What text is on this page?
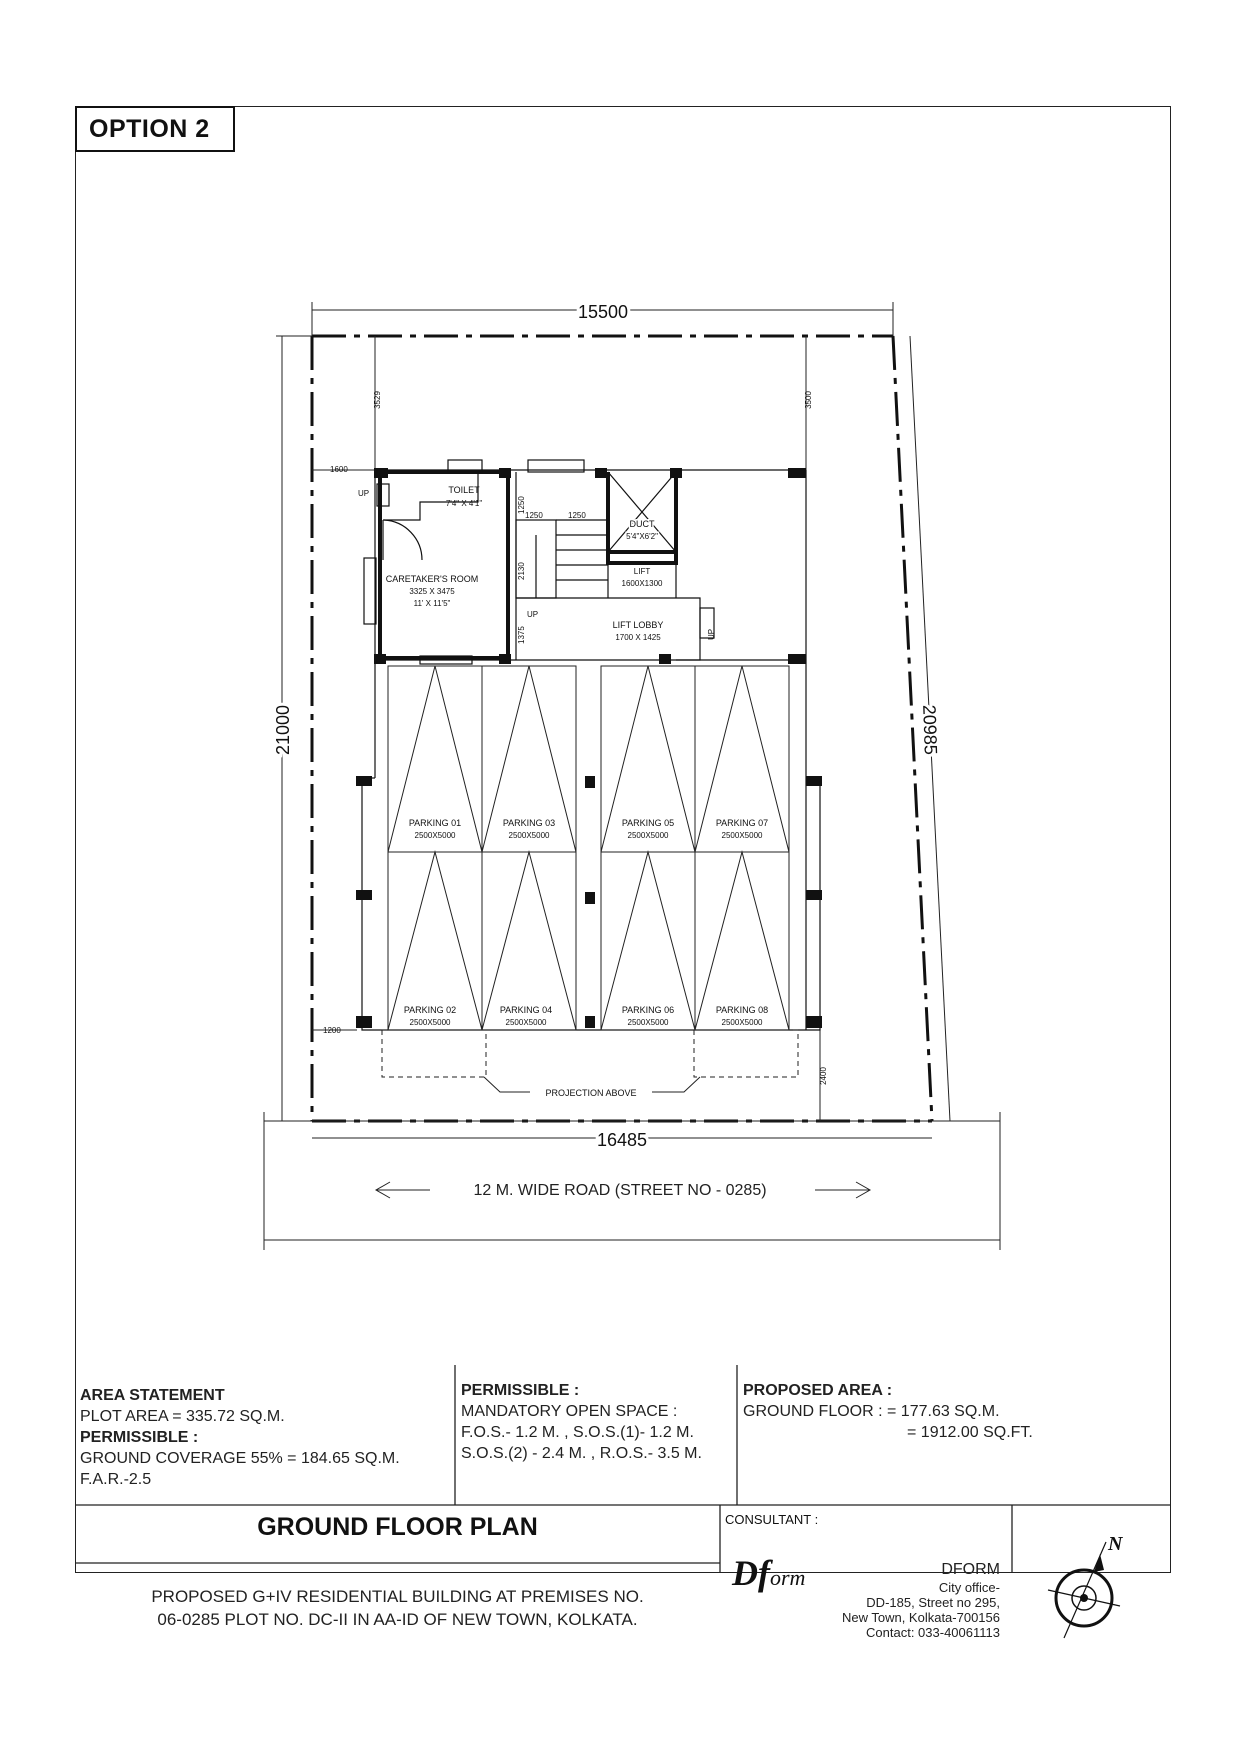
OPTION 2
15500
16485
21000	20985
3529	3500
1600
1200
2400
PROJECTION ABOVE
TOILET
7'4" X 4'1"
CARETAKER'S ROOM
3325 X 3475
11' X 11'5"
DUCT
5'4"X6'2"
LIFT
1600X1300
LIFT LOBBY
1700 X 1425
UP
UP
UP
1250	1250
1250
2130
1375
PARKING 01
2500X5000
PARKING 03
2500X5000
PARKING 05
2500X5000
PARKING 07
2500X5000
PARKING 02
2500X5000
PARKING 04
2500X5000
PARKING 06
2500X5000
PARKING 08
2500X5000
12 M. WIDE ROAD (STREET NO - 0285)
AREA STATEMENT
PLOT AREA = 335.72 SQ.M.
PERMISSIBLE :
GROUND COVERAGE 55% = 184.65 SQ.M.
F.A.R.-2.5
PERMISSIBLE :
MANDATORY OPEN SPACE :
F.O.S.- 1.2 M. , S.O.S.(1)- 1.2 M.
S.O.S.(2) - 2.4 M. , R.O.S.- 3.5 M.
PROPOSED AREA :
GROUND FLOOR : = 177.63 SQ.M.
= 1912.00 SQ.FT.
GROUND FLOOR PLAN
PROPOSED G+IV RESIDENTIAL BUILDING AT PREMISES NO.
06-0285 PLOT NO. DC-II IN AA-ID OF NEW TOWN, KOLKATA.
CONSULTANT :
Dform	DFORM
City office-
DD-185, Street no 295,
New Town, Kolkata-700156
Contact: 033-40061113
N
